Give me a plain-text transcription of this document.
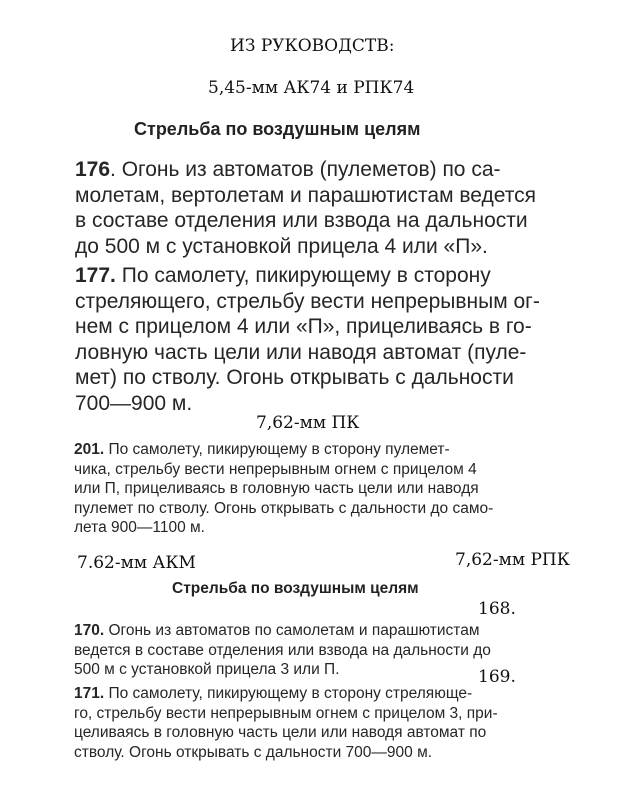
ИЗ РУКОВОДСТВ:
5,45-мм АК74 и РПК74
Стрельба по воздушным целям
176. Огонь из автоматов (пулеметов) по са-
молетам, вертолетам и парашютистам ведется
в составе отделения или взвода на дальности
до 500 м с установкой прицела 4 или «П».
177. По самолету, пикирующему в сторону
стреляющего, стрельбу вести непрерывным ог-
нем с прицелом 4 или «П», прицеливаясь в го-
ловную часть цели или наводя автомат (пуле-
мет) по стволу. Огонь открывать с дальности
700—900 м.
7,62-мм ПК
201. По самолету, пикирующему в сторону пулемет-
чика, стрельбу вести непрерывным огнем с прицелом 4
или П, прицеливаясь в головную часть цели или наводя
пулемет по стволу. Огонь открывать с дальности до само-
лета 900—1100 м.
7.62-мм АКМ	7,62-мм РПК
Стрельба по воздушным целям
168.
170. Огонь из автоматов по самолетам и парашютистам
ведется в составе отделения или взвода на дальности до
500 м с установкой прицела 3 или П.	169.
171. По самолету, пикирующему в сторону стреляюще-
го, стрельбу вести непрерывным огнем с прицелом 3, при-
целиваясь в головную часть цели или наводя автомат по
стволу. Огонь открывать с дальности 700—900 м.
